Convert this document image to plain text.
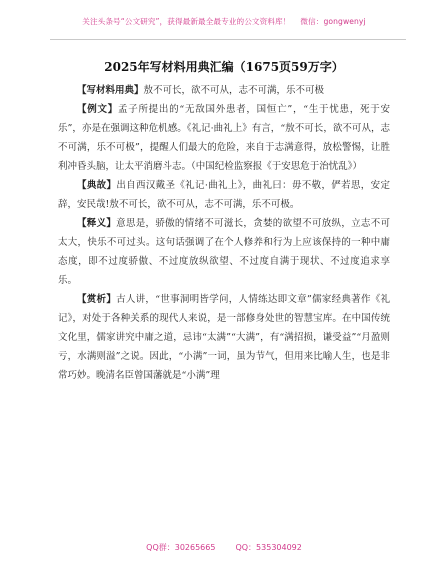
关注头条号“公文研究”，获得最新最全最专业的公文资料库！ 微信：gongwenyj
2025年写材料用典汇编（1675页59万字）

【写材料用典】敖不可长，欲不可从，志不可满，乐不可极

【例文】孟子所提出的“无敌国外患者，国恒亡”，“生于忧患，死于安乐”，亦是在强调这种危机感。《礼记·曲礼上》有言，“敖不可长，欲不可从，志不可满，乐不可极”，提醒人们最大的危险，来自于志满意得，放松警惕，让胜利冲昏头脑，让太平消磨斗志。（中国纪检监察报《于安思危于治忧乱》）

【典故】出自西汉戴圣《礼记·曲礼上》，曲礼曰：毋不敬，俨若思，安定辞，安民哉!敖不可长，欲不可从，志不可满，乐不可极。

【释义】意思是，骄傲的情绪不可滋长，贪婪的欲望不可放纵，立志不可太大，快乐不可过头。这句话强调了在个人修养和行为上应该保持的一种中庸态度，即不过度骄傲、不过度放纵欲望、不过度自满于现状、不过度追求享乐。

【赏析】古人讲，“世事洞明皆学问，人情练达即文章”儒家经典著作《礼记》，对处于各种关系的现代人来说，是一部修身处世的智慧宝库。在中国传统文化里，儒家讲究中庸之道，忌讳“太满”“大满”，有“满招损，谦受益”“月盈则亏，水满则溢”之说。因此，“小满”一词，虽为节气，但用来比喻人生，也是非常巧妙。晚清名臣曾国藩就是“小满”理

QQ群：30265665	QQ：535304092
